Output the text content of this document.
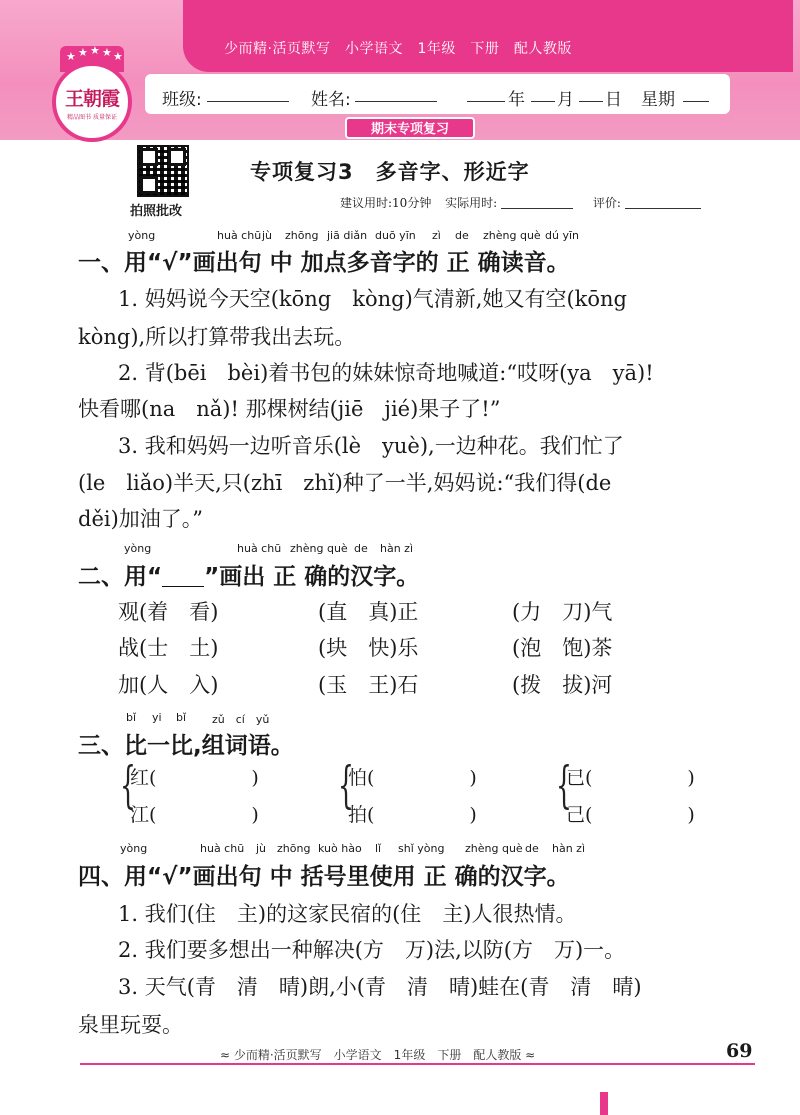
少而精·活页默写　小学语文　1年级　下册　配人教版
★ ★ ★ ★ ★
王朝霞
精品图书 质量保证
班级:	姓名:	年 月 日 星期
期末专项复习
拍照批改
专项复习3　多音字、形近字
建议用时:10分钟 实际用时:	评价:
yòng	huà chū jù zhōng jiā diǎn duō yīn zì de zhèng què dú yīn
一、用“√”画出句 中 加点多音字的 正 确读音。
1. 妈妈说今天空(kōng　kòng)气清新,她又有空(kōng
kòng),所以打算带我出去玩。
2. 背(bēi　bèi)着书包的妹妹惊奇地喊道:“哎呀(ya　yā)!
快看哪(na　nǎ)! 那棵树结(jiē　jié)果子了!”
3. 我和妈妈一边听音乐(lè　yuè),一边种花。我们忙了
(le　liǎo)半天,只(zhī　zhǐ)种了一半,妈妈说:“我们得(de
děi)加油了。”
yòng	huà chū zhèng què de hàn zì
二、用“ ”画出 正 确的汉字。
观(着　看)	(直　真)正	(力　刀)气
战(士　土)	(块　快)乐	(泡　饱)茶
加(人　入)	(玉　王)石	(拨　拔)河
bǐ yi bǐ zǔ　cí　yǔ
三、比一比,组词语。
{
红(　　　　　)
江(　　　　　)
{
怕(　　　　　)
拍(　　　　　)
{
已(　　　　　)
己(　　　　　)
yòng	huà chū jù zhōng kuò hào lǐ shǐ yòng zhèng què de hàn zì
四、用“√”画出句 中 括号里使用 正 确的汉字。
1. 我们(住　主)的这家民宿的(住　主)人很热情。
2. 我们要多想出一种解决(方　万)法,以防(方　万)一。
3. 天气(青　清　晴)朗,小(青　清　晴)蛙在(青　清　晴)
泉里玩耍。
≈ 少而精·活页默写　小学语文　1年级　下册　配人教版 ≈	69
